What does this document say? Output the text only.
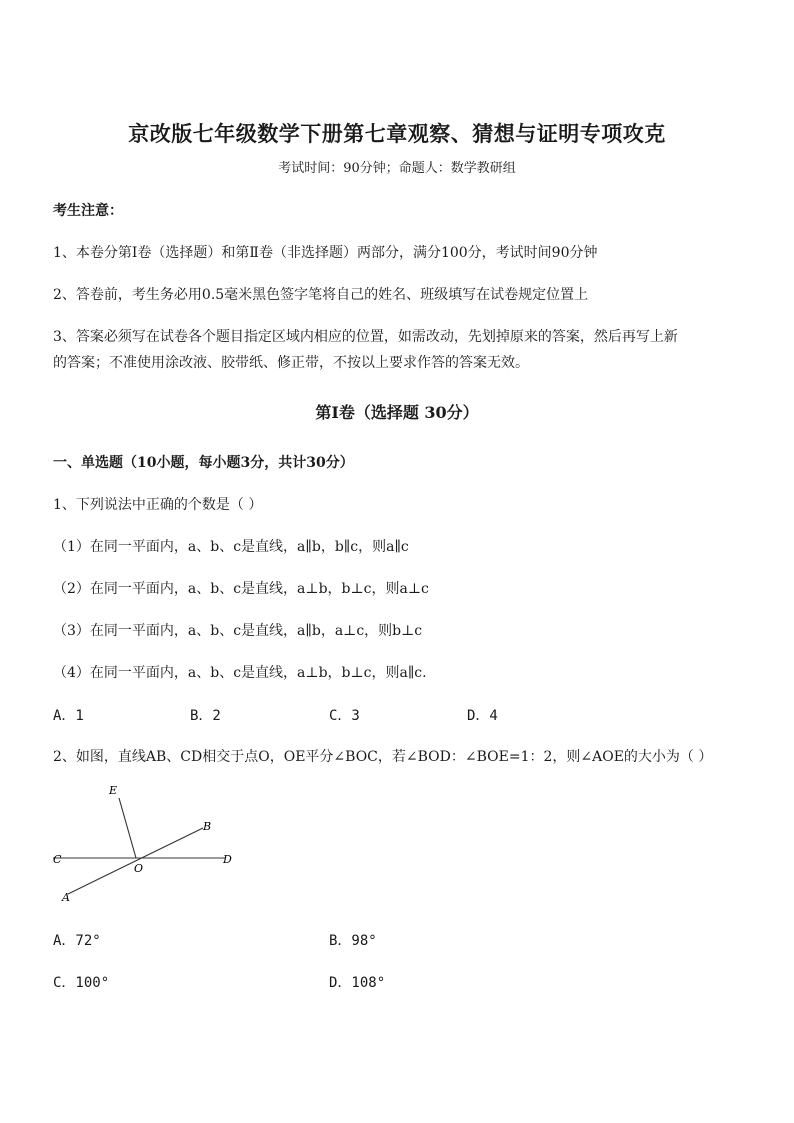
京改版七年级数学下册第七章观察、猜想与证明专项攻克
考试时间：90分钟；命题人：数学教研组
考生注意：
1、本卷分第Ⅰ卷（选择题）和第Ⅱ卷（非选择题）两部分，满分100分，考试时间90分钟
2、答卷前，考生务必用0.5毫米黑色签字笔将自己的姓名、班级填写在试卷规定位置上
3、答案必须写在试卷各个题目指定区域内相应的位置，如需改动，先划掉原来的答案，然后再写上新
的答案；不准使用涂改液、胶带纸、修正带，不按以上要求作答的答案无效。
第Ⅰ卷（选择题 30分）
一、单选题（10小题，每小题3分，共计30分）
1、下列说法中正确的个数是（ ）
（1）在同一平面内，a、b、c是直线，a∥b，b∥c，则a∥c
（2）在同一平面内，a、b、c是直线，a⊥b，b⊥c，则a⊥c
（3）在同一平面内，a、b、c是直线，a∥b，a⊥c，则b⊥c
（4）在同一平面内，a、b、c是直线，a⊥b，b⊥c，则a∥c.
A．1	B．2	C．3	D．4
2、如图，直线AB、CD相交于点O，OE平分∠BOC，若∠BOD：∠BOE=1：2，则∠AOE的大小为（ ）
E
B
C
O
D
A
A．72°	B．98°
C．100°	D．108°
